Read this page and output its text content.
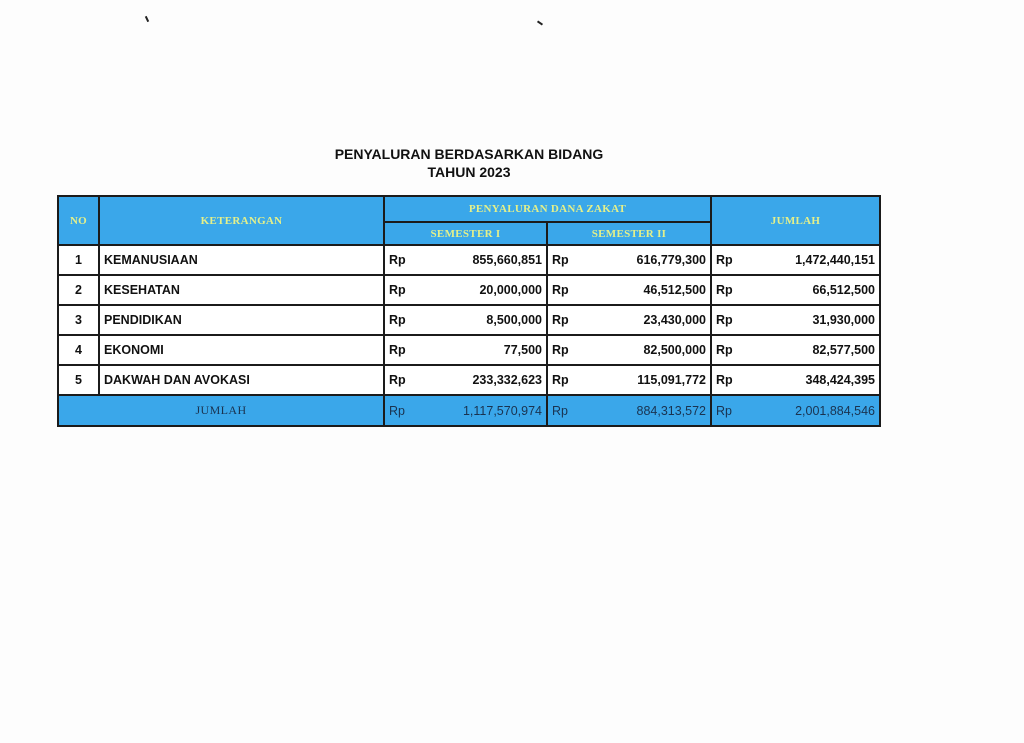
PENYALURAN BERDASARKAN BIDANG
TAHUN 2023
NO	KETERANGAN	PENYALURAN DANA ZAKAT				JUMLAH	
		SEMESTER I		SEMESTER II			
1	KEMANUSIAAN	Rp	855,660,851	Rp	616,779,300	Rp	1,472,440,151
2	KESEHATAN	Rp	20,000,000	Rp	46,512,500	Rp	66,512,500
3	PENDIDIKAN	Rp	8,500,000	Rp	23,430,000	Rp	31,930,000
4	EKONOMI	Rp	77,500	Rp	82,500,000	Rp	82,577,500
5	DAKWAH DAN AVOKASI	Rp	233,332,623	Rp	115,091,772	Rp	348,424,395
JUMLAH		Rp	1,117,570,974	Rp	884,313,572	Rp	2,001,884,546
